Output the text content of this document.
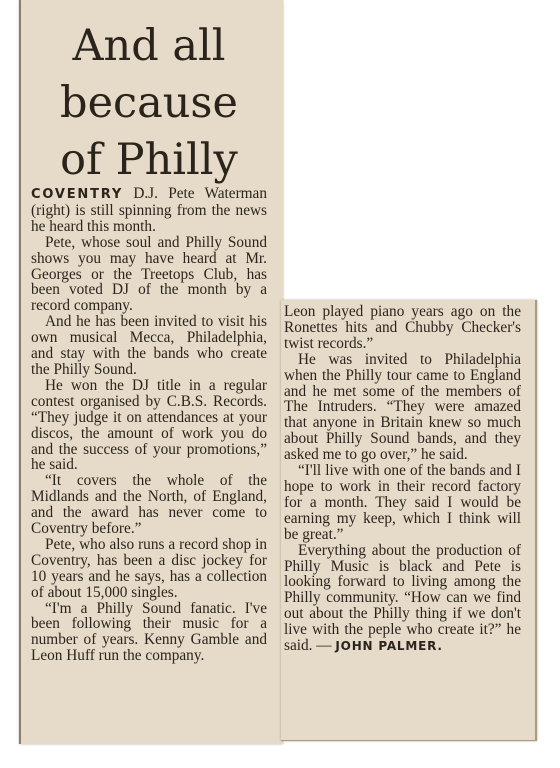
And all
because
of Philly

COVENTRY D.J. Pete Waterman (right) is still spinning from the news he heard this month.

Pete, whose soul and Philly Sound shows you may have heard at Mr. Georges or the Treetops Club, has been voted DJ of the month by a record company.

And he has been invited to visit his own musical Mecca, Philadelphia, and stay with the bands who create the Philly Sound.

He won the DJ title in a regular contest organised by C.B.S. Records. “They judge it on attendances at your discos, the amount of work you do and the success of your promotions,” he said.

“It covers the whole of the Midlands and the North, of England, and the award has never come to Coventry before.”

Pete, who also runs a record shop in Coventry, has been a disc jockey for 10 years and he says, has a collection of about 15,000 singles.

“I'm a Philly Sound fanatic. I've been following their music for a number of years. Kenny Gamble and Leon Huff run the company.

Leon played piano years ago on the Ronettes hits and Chubby Checker's twist records.”

He was invited to Philadelphia when the Philly tour came to England and he met some of the members of The Intruders. “They were amazed that anyone in Britain knew so much about Philly Sound bands, and they asked me to go over,” he said.

“I'll live with one of the bands and I hope to work in their record factory for a month. They said I would be earning my keep, which I think will be great.”

Everything about the production of Philly Music is black and Pete is looking forward to living among the Philly community. “How can we find out about the Philly thing if we don't live with the peple who create it?” he said. — JOHN PALMER.
